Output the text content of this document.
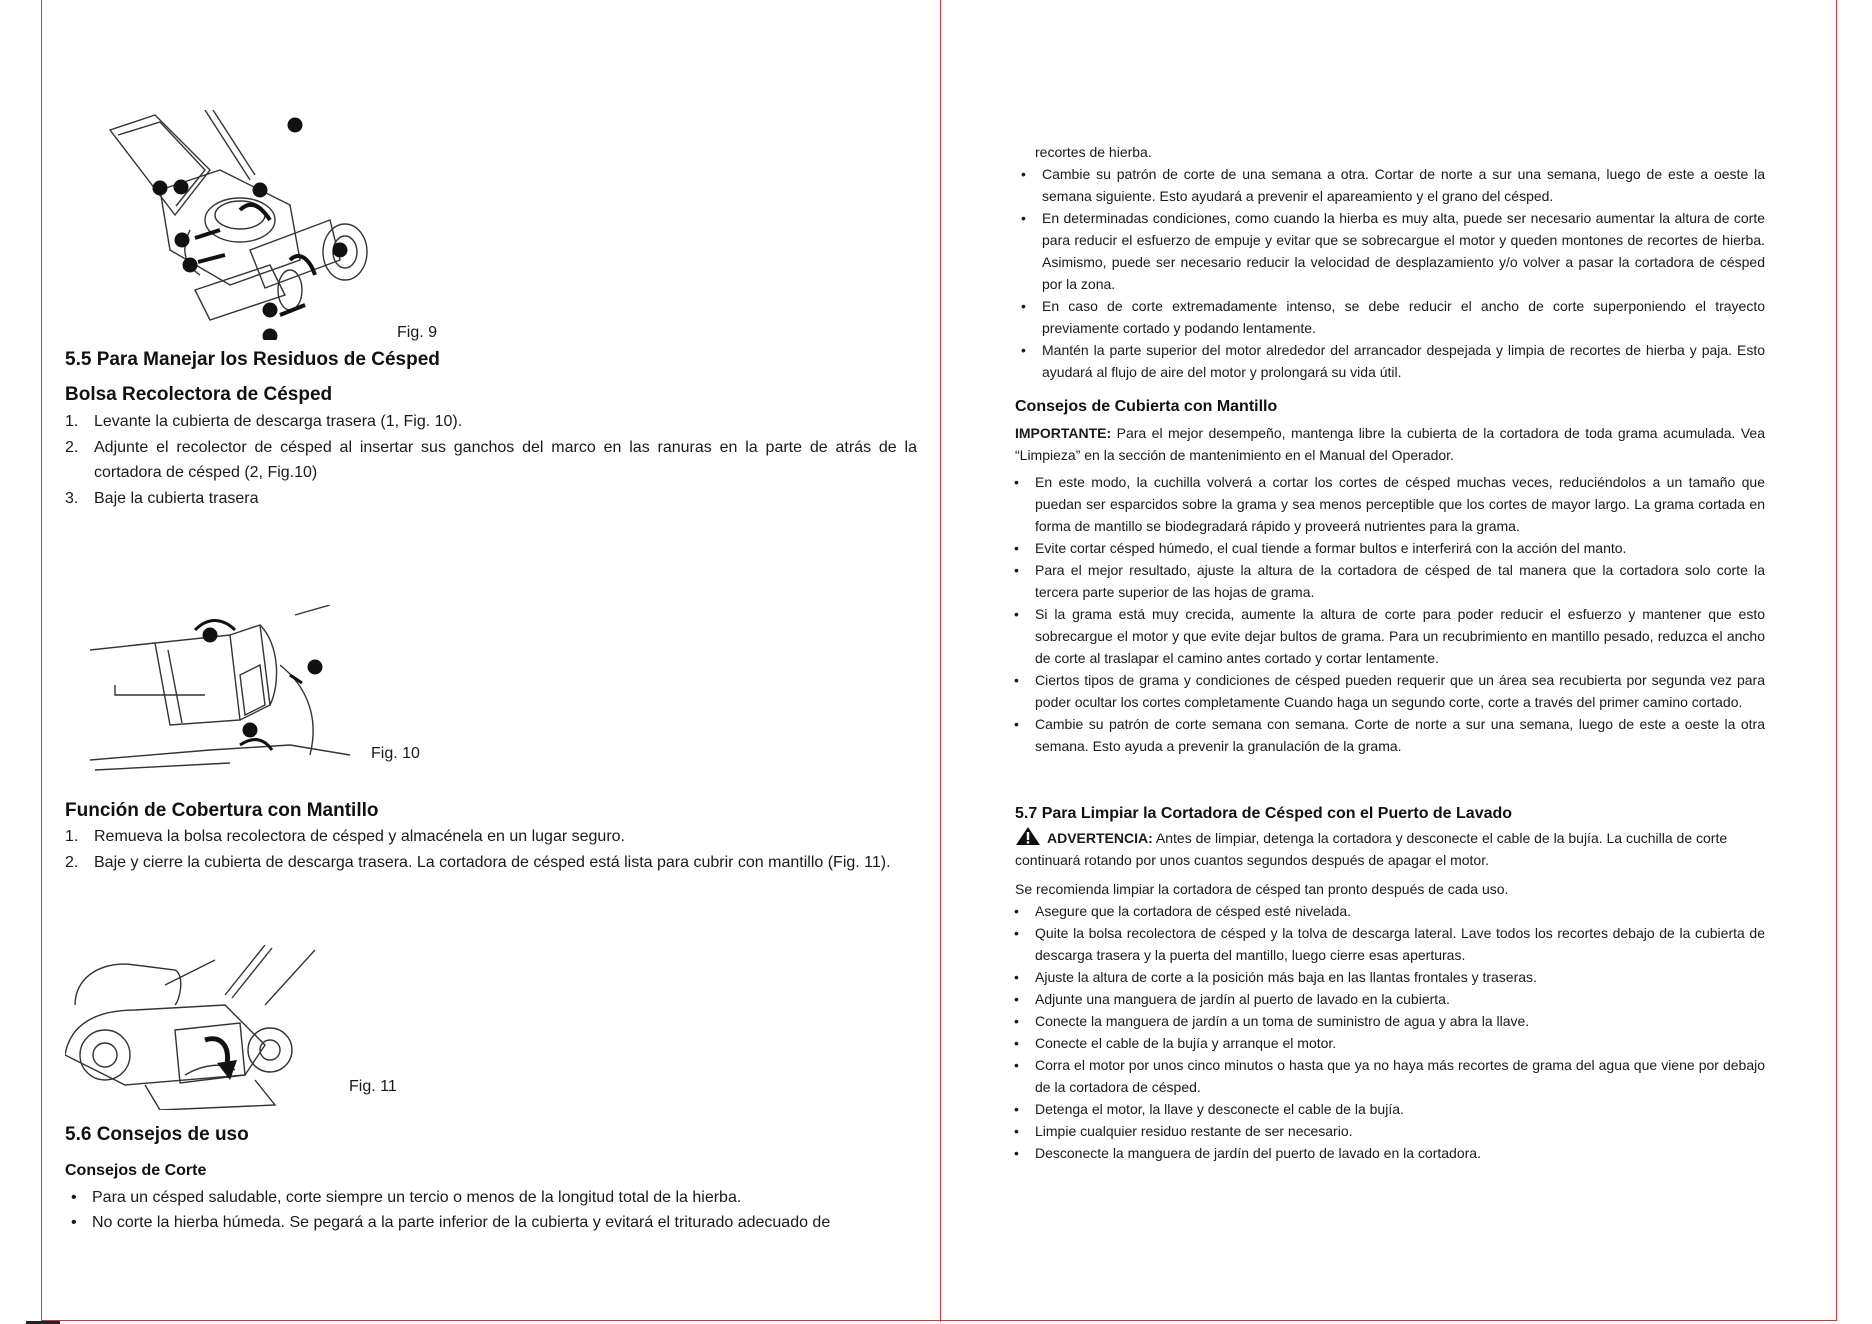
Fig. 9
5.5 Para Manejar los Residuos de Césped
Bolsa Recolectora de Césped
1. Levante la cubierta de descarga trasera (1, Fig. 10).
2. Adjunte el recolector de césped al insertar sus ganchos del marco en las ranuras en la parte de atrás de la cortadora de césped (2, Fig.10)
3. Baje la cubierta trasera
Fig. 10
Función de Cobertura con Mantillo
1. Remueva la bolsa recolectora de césped y almacénela en un lugar seguro.
2. Baje y cierre la cubierta de descarga trasera. La cortadora de césped está lista para cubrir con mantillo (Fig. 11).
Fig. 11
5.6 Consejos de uso
Consejos de Corte
• Para un césped saludable, corte siempre un tercio o menos de la longitud total de la hierba.
• No corte la hierba húmeda. Se pegará a la parte inferior de la cubierta y evitará el triturado adecuado de
recortes de hierba.
• Cambie su patrón de corte de una semana a otra. Cortar de norte a sur una semana, luego de este a oeste la semana siguiente. Esto ayudará a prevenir el apareamiento y el grano del césped.
• En determinadas condiciones, como cuando la hierba es muy alta, puede ser necesario aumentar la altura de corte para reducir el esfuerzo de empuje y evitar que se sobrecargue el motor y queden montones de recortes de hierba. Asimismo, puede ser necesario reducir la velocidad de desplazamiento y/o volver a pasar la cortadora de césped por la zona.
• En caso de corte extremadamente intenso, se debe reducir el ancho de corte superponiendo el trayecto previamente cortado y podando lentamente.
• Mantén la parte superior del motor alrededor del arrancador despejada y limpia de recortes de hierba y paja. Esto ayudará al flujo de aire del motor y prolongará su vida útil.
Consejos de Cubierta con Mantillo
IMPORTANTE: Para el mejor desempeño, mantenga libre la cubierta de la cortadora de toda grama acumulada. Vea “Limpieza” en la sección de mantenimiento en el Manual del Operador.
• En este modo, la cuchilla volverá a cortar los cortes de césped muchas veces, reduciéndolos a un tamaño que puedan ser esparcidos sobre la grama y sea menos perceptible que los cortes de mayor largo. La grama cortada en forma de mantillo se biodegradará rápido y proveerá nutrientes para la grama.
• Evite cortar césped húmedo, el cual tiende a formar bultos e interferirá con la acción del manto.
• Para el mejor resultado, ajuste la altura de la cortadora de césped de tal manera que la cortadora solo corte la tercera parte superior de las hojas de grama.
• Si la grama está muy crecida, aumente la altura de corte para poder reducir el esfuerzo y mantener que esto sobrecargue el motor y que evite dejar bultos de grama. Para un recubrimiento en mantillo pesado, reduzca el ancho de corte al traslapar el camino antes cortado y cortar lentamente.
• Ciertos tipos de grama y condiciones de césped pueden requerir que un área sea recubierta por segunda vez para poder ocultar los cortes completamente Cuando haga un segundo corte, corte a través del primer camino cortado.
• Cambie su patrón de corte semana con semana. Corte de norte a sur una semana, luego de este a oeste la otra semana. Esto ayuda a prevenir la granulación de la grama.
5.7 Para Limpiar la Cortadora de Césped con el Puerto de Lavado
ADVERTENCIA: Antes de limpiar, detenga la cortadora y desconecte el cable de la bujía. La cuchilla de corte continuará rotando por unos cuantos segundos después de apagar el motor.
Se recomienda limpiar la cortadora de césped tan pronto después de cada uso.
• Asegure que la cortadora de césped esté nivelada.
• Quite la bolsa recolectora de césped y la tolva de descarga lateral. Lave todos los recortes debajo de la cubierta de descarga trasera y la puerta del mantillo, luego cierre esas aperturas.
• Ajuste la altura de corte a la posición más baja en las llantas frontales y traseras.
• Adjunte una manguera de jardín al puerto de lavado en la cubierta.
• Conecte la manguera de jardín a un toma de suministro de agua y abra la llave.
• Conecte el cable de la bujía y arranque el motor.
• Corra el motor por unos cinco minutos o hasta que ya no haya más recortes de grama del agua que viene por debajo de la cortadora de césped.
• Detenga el motor, la llave y desconecte el cable de la bujía.
• Limpie cualquier residuo restante de ser necesario.
• Desconecte la manguera de jardín del puerto de lavado en la cortadora.
